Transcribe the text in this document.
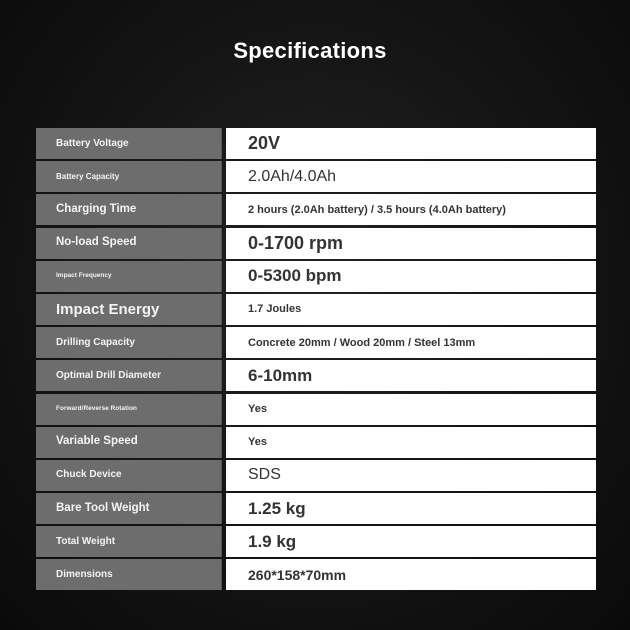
Specifications
Battery Voltage	20V
Battery Capacity	2.0Ah/4.0Ah
Charging Time	2 hours (2.0Ah battery) / 3.5 hours (4.0Ah battery)
No-load Speed	0-1700 rpm
Impact Frequency	0-5300 bpm
Impact Energy	1.7 Joules
Drilling Capacity	Concrete 20mm / Wood 20mm / Steel 13mm
Optimal Drill Diameter	6-10mm
Forward/Reverse Rotation	Yes
Variable Speed	Yes
Chuck Device	SDS
Bare Tool Weight	1.25 kg
Total Weight	1.9 kg
Dimensions	260*158*70mm
